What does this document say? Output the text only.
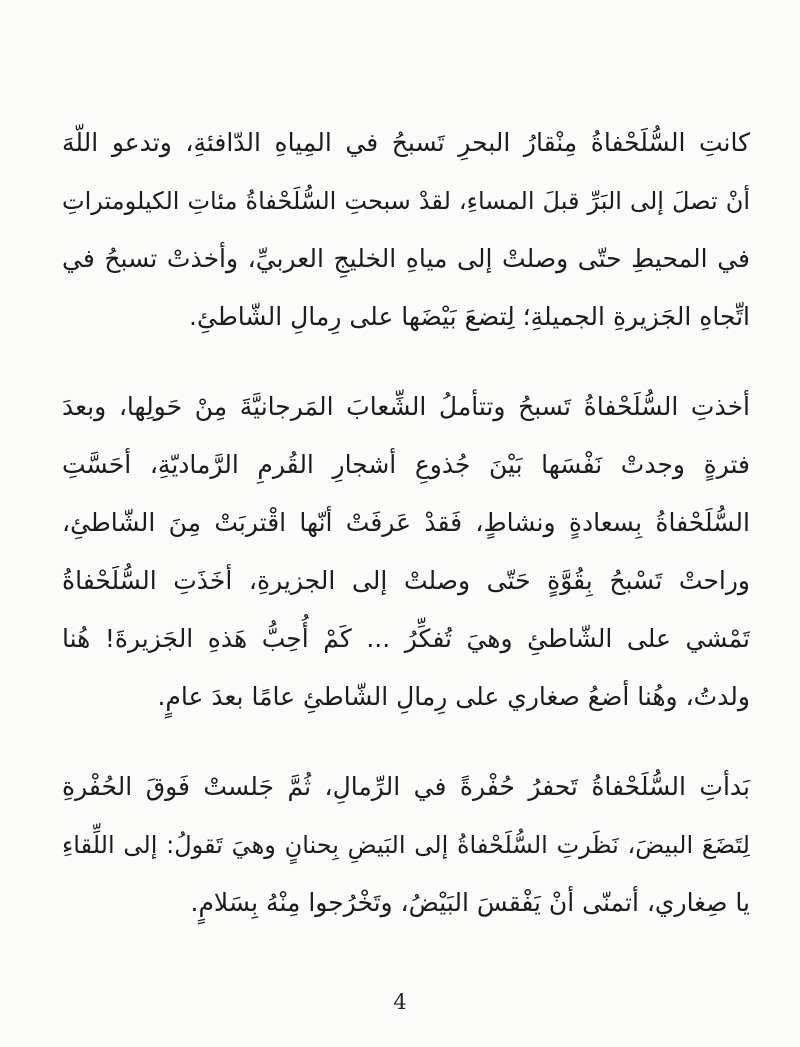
كانتِ السُّلَحْفاةُ مِنْقارُ البحرِ تَسبحُ في المِياهِ الدّافئةِ، وتدعو اللّهَ
أنْ تصلَ إلى البَرِّ قبلَ المساءِ، لقدْ سبحتِ السُّلَحْفاةُ مئاتِ الكيلومتراتِ
في المحيطِ حتّى وصلتْ إلى مياهِ الخليجِ العربيِّ، وأخذتْ تسبحُ في
اتِّجاهِ الجَزيرةِ الجميلةِ؛ لِتضعَ بَيْضَها على رِمالِ الشّاطئِ.
أخذتِ السُّلَحْفاةُ تَسبحُ وتتأملُ الشِّعابَ المَرجانيَّةَ مِنْ حَولِها، وبعدَ
فترةٍ وجدتْ نَفْسَها بَيْنَ جُذوعِ أشجارِ القُرمِ الرَّماديّةِ، أحَسَّتِ
السُّلَحْفاةُ بِسعادةٍ ونشاطٍ، فَقدْ عَرفَتْ أنّها اقْتربَتْ مِنَ الشّاطئِ،
وراحتْ تَسْبحُ بِقُوَّةٍ حَتّى وصلتْ إلى الجزيرةِ، أخَذَتِ السُّلَحْفاةُ
تَمْشي على الشّاطئِ وهيَ تُفكِّرُ ... كَمْ أُحِبُّ هَذهِ الجَزيرةَ! هُنا
ولدتُ، وهُنا أضعُ صغاري على رِمالِ الشّاطئِ عامًا بعدَ عامٍ.
بَدأتِ السُّلَحْفاةُ تَحفرُ حُفْرةً في الرِّمالِ، ثُمَّ جَلستْ فَوقَ الحُفْرةِ
لِتَضَعَ البيضَ، نَظَرتِ السُّلَحْفاةُ إلى البَيضِ بِحنانٍ وهيَ تَقولُ: إلى اللِّقاءِ
يا صِغاري، أتمنّى أنْ يَفْقسَ البَيْضُ، وتَخْرُجوا مِنْهُ بِسَلامٍ.
4
